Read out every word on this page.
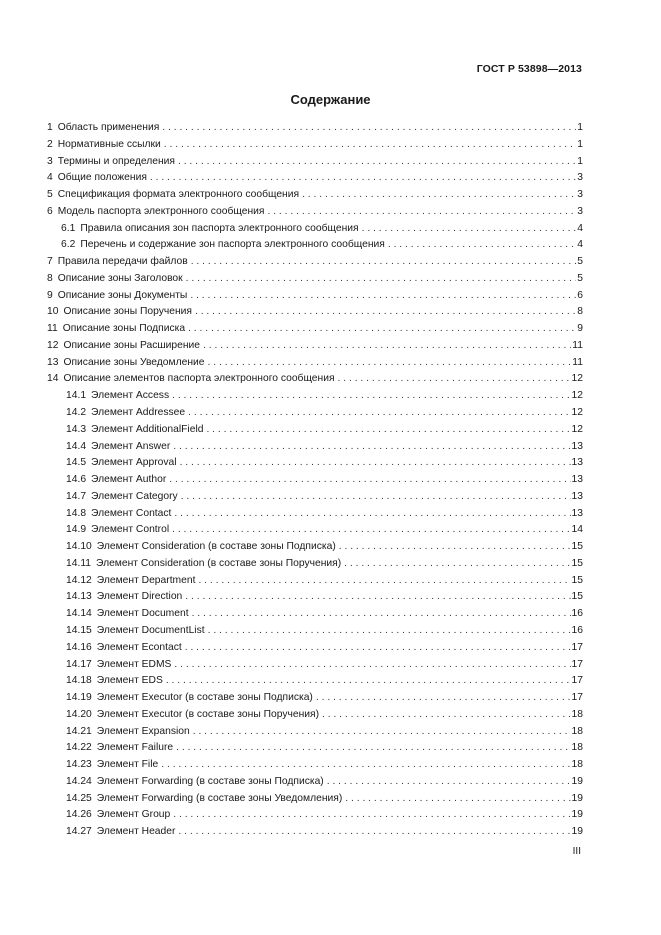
ГОСТ Р 53898—2013
Содержание
1 Область применения . . .	1
2 Нормативные ссылки . . .	1
3 Термины и определения . . .	1
4 Общие положения . . .	3
5 Спецификация формата электронного сообщения . . .	3
6 Модель паспорта электронного сообщения . . .	3
6.1 Правила описания зон паспорта электронного сообщения . . .	4
6.2 Перечень и содержание зон паспорта электронного сообщения . . .	4
7 Правила передачи файлов . . .	5
8 Описание зоны Заголовок . . .	5
9 Описание зоны Документы . . .	6
10 Описание зоны Поручения . . .	8
11 Описание зоны Подписка . . .	9
12 Описание зоны Расширение . . .	11
13 Описание зоны Уведомление . . .	11
14 Описание элементов паспорта электронного сообщения . . .	12
14.1 Элемент Access . . .	12
14.2 Элемент Addressee . . .	12
14.3 Элемент AdditionalField . . .	12
14.4 Элемент Answer . . .	13
14.5 Элемент Approval . . .	13
14.6 Элемент Author . . .	13
14.7 Элемент Category . . .	13
14.8 Элемент Contact . . .	13
14.9 Элемент Control . . .	14
14.10 Элемент Consideration (в составе зоны Подписка) . . .	15
14.11 Элемент Consideration (в составе зоны Поручения) . . .	15
14.12 Элемент Department . . .	15
14.13 Элемент Direction . . .	15
14.14 Элемент Document . . .	16
14.15 Элемент DocumentList . . .	16
14.16 Элемент Econtact . . .	17
14.17 Элемент EDMS . . .	17
14.18 Элемент EDS . . .	17
14.19 Элемент Executor (в составе зоны Подписка) . . .	17
14.20 Элемент Executor (в составе зоны Поручения) . . .	18
14.21 Элемент Expansion . . .	18
14.22 Элемент Failure . . .	18
14.23 Элемент File . . .	18
14.24 Элемент Forwarding (в составе зоны Подписка) . . .	19
14.25 Элемент Forwarding (в составе зоны Уведомления) . . .	19
14.26 Элемент Group . . .	19
14.27 Элемент Header . . .	19
III
